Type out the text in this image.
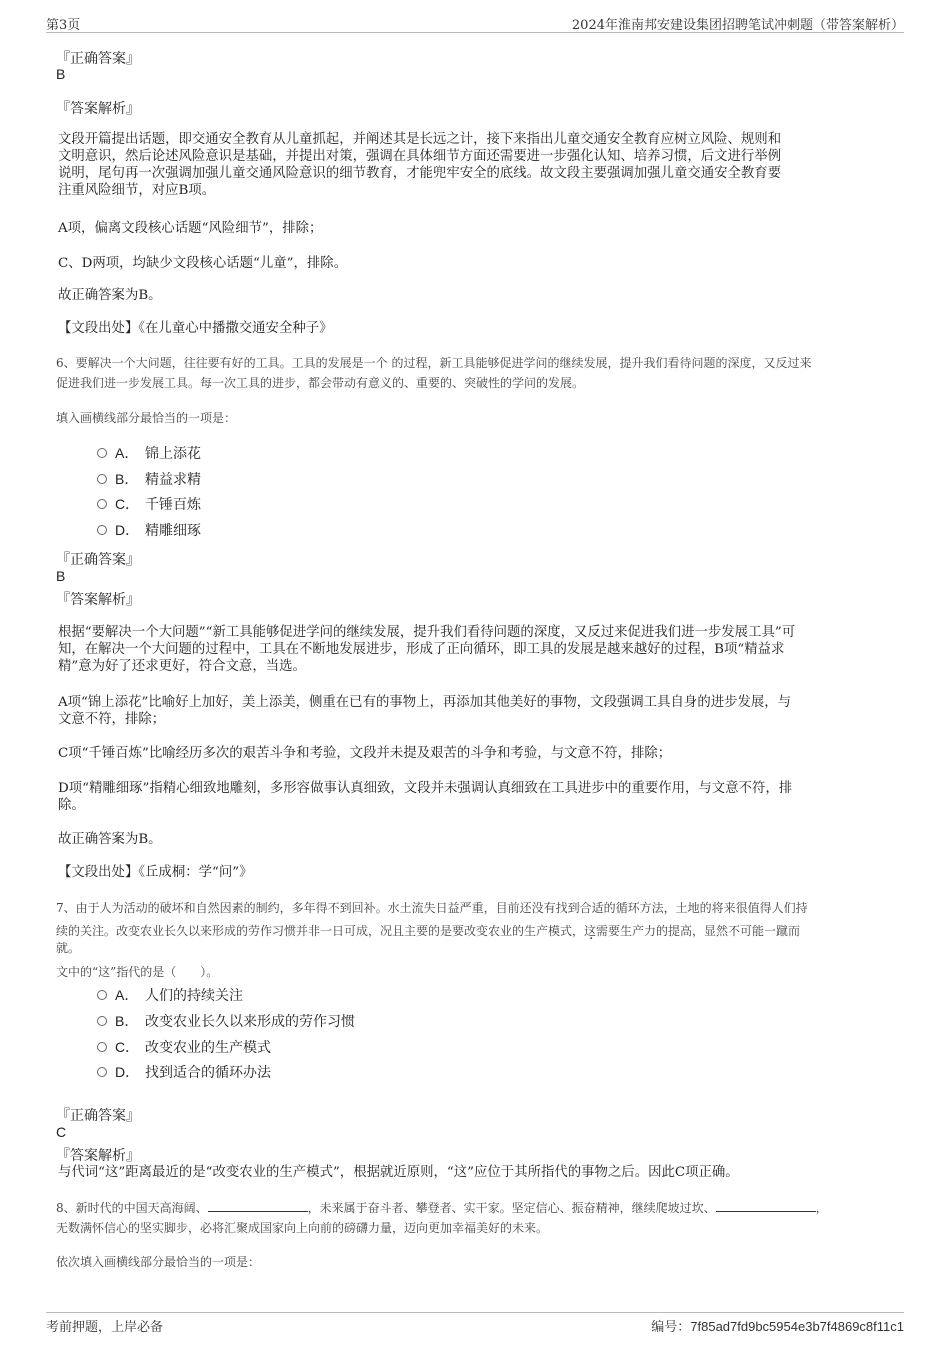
第3页	2024年淮南邦安建设集团招聘笔试冲刺题（带答案解析）
『正确答案』
B
『答案解析』
文段开篇提出话题，即交通安全教育从儿童抓起，并阐述其是长远之计，接下来指出儿童交通安全教育应树立风险、规则和
文明意识，然后论述风险意识是基础，并提出对策，强调在具体细节方面还需要进一步强化认知、培养习惯，后文进行举例
说明，尾句再一次强调加强儿童交通风险意识的细节教育，才能兜牢安全的底线。故文段主要强调加强儿童交通安全教育要
注重风险细节，对应B项。
A项，偏离文段核心话题“风险细节”，排除；
C、D两项，均缺少文段核心话题“儿童”，排除。
故正确答案为B。
【文段出处】《在儿童心中播撒交通安全种子》
6、要解决一个大问题，往往要有好的工具。工具的发展是一个 的过程，新工具能够促进学问的继续发展，提升我们看待问题的深度，又反过来
促进我们进一步发展工具。每一次工具的进步，都会带动有意义的、重要的、突破性的学问的发展。
填入画横线部分最恰当的一项是：
A． 锦上添花
B． 精益求精
C． 千锤百炼
D． 精雕细琢
『正确答案』
B
『答案解析』
根据“要解决一个大问题”“新工具能够促进学问的继续发展，提升我们看待问题的深度，又反过来促进我们进一步发展工具”可
知，在解决一个大问题的过程中，工具在不断地发展进步，形成了正向循环，即工具的发展是越来越好的过程，B项“精益求
精”意为好了还求更好，符合文意，当选。
A项“锦上添花”比喻好上加好，美上添美，侧重在已有的事物上，再添加其他美好的事物，文段强调工具自身的进步发展，与
文意不符，排除；
C项“千锤百炼”比喻经历多次的艰苦斗争和考验，文段并未提及艰苦的斗争和考验，与文意不符，排除；
D项“精雕细琢”指精心细致地雕刻，多形容做事认真细致，文段并未强调认真细致在工具进步中的重要作用，与文意不符，排
除。
故正确答案为B。
【文段出处】《丘成桐：学“问”》
7、由于人为活动的破坏和自然因素的制约，多年得不到回补。水土流失日益严重，目前还没有找到合适的循环方法，土地的将来很值得人们持
续的关注。改变农业长久以来形成的劳作习惯并非一日可成，况且主要的是要改变农业的生产模式，这需要生产力的提高，显然不可能一蹴而
就。
文中的“这”指代的是（　　）。
A． 人们的持续关注
B． 改变农业长久以来形成的劳作习惯
C． 改变农业的生产模式
D． 找到适合的循环办法
『正确答案』
C
『答案解析』
与代词“这”距离最近的是“改变农业的生产模式”，根据就近原则，“这”应位于其所指代的事物之后。因此C项正确。
8、新时代的中国天高海阔、	，未来属于奋斗者、攀登者、实干家。坚定信心、振奋精神，继续爬坡过坎、	，
无数满怀信心的坚实脚步，必将汇聚成国家向上向前的磅礴力量，迈向更加幸福美好的未来。
依次填入画横线部分最恰当的一项是：
考前押题，上岸必备	编号：7f85ad7fd9bc5954e3b7f4869c8f11c1
